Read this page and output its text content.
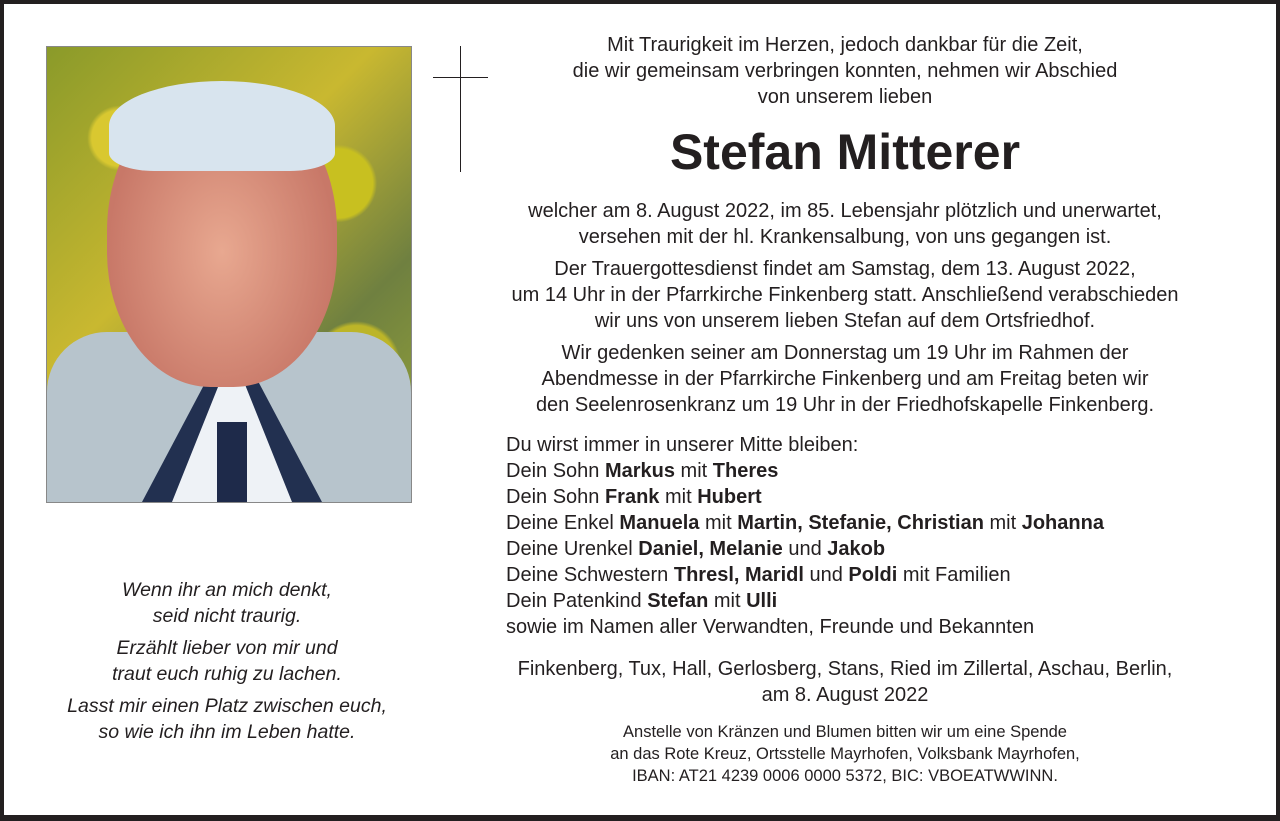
Mit Traurigkeit im Herzen, jedoch dankbar für die Zeit,
die wir gemeinsam verbringen konnten, nehmen wir Abschied
von unserem lieben
Stefan Mitterer
welcher am 8. August 2022, im 85. Lebensjahr plötzlich und unerwartet,
versehen mit der hl. Krankensalbung, von uns gegangen ist.
Der Trauergottesdienst findet am Samstag, dem 13. August 2022,
um 14 Uhr in der Pfarrkirche Finkenberg statt. Anschließend verabschieden
wir uns von unserem lieben Stefan auf dem Ortsfriedhof.
Wir gedenken seiner am Donnerstag um 19 Uhr im Rahmen der
Abendmesse in der Pfarrkirche Finkenberg und am Freitag beten wir
den Seelenrosenkranz um 19 Uhr in der Friedhofskapelle Finkenberg.
Du wirst immer in unserer Mitte bleiben:
Dein Sohn Markus mit Theres
Dein Sohn Frank mit Hubert
Deine Enkel Manuela mit Martin, Stefanie, Christian mit Johanna
Deine Urenkel Daniel, Melanie und Jakob
Deine Schwestern Thresl, Maridl und Poldi mit Familien
Dein Patenkind Stefan mit Ulli
sowie im Namen aller Verwandten, Freunde und Bekannten
Finkenberg, Tux, Hall, Gerlosberg, Stans, Ried im Zillertal, Aschau, Berlin,
am 8. August 2022
Anstelle von Kränzen und Blumen bitten wir um eine Spende
an das Rote Kreuz, Ortsstelle Mayrhofen, Volksbank Mayrhofen,
IBAN: AT21 4239 0006 0000 5372, BIC: VBOEATWWINN.
Wenn ihr an mich denkt,
seid nicht traurig.
Erzählt lieber von mir und
traut euch ruhig zu lachen.
Lasst mir einen Platz zwischen euch,
so wie ich ihn im Leben hatte.
